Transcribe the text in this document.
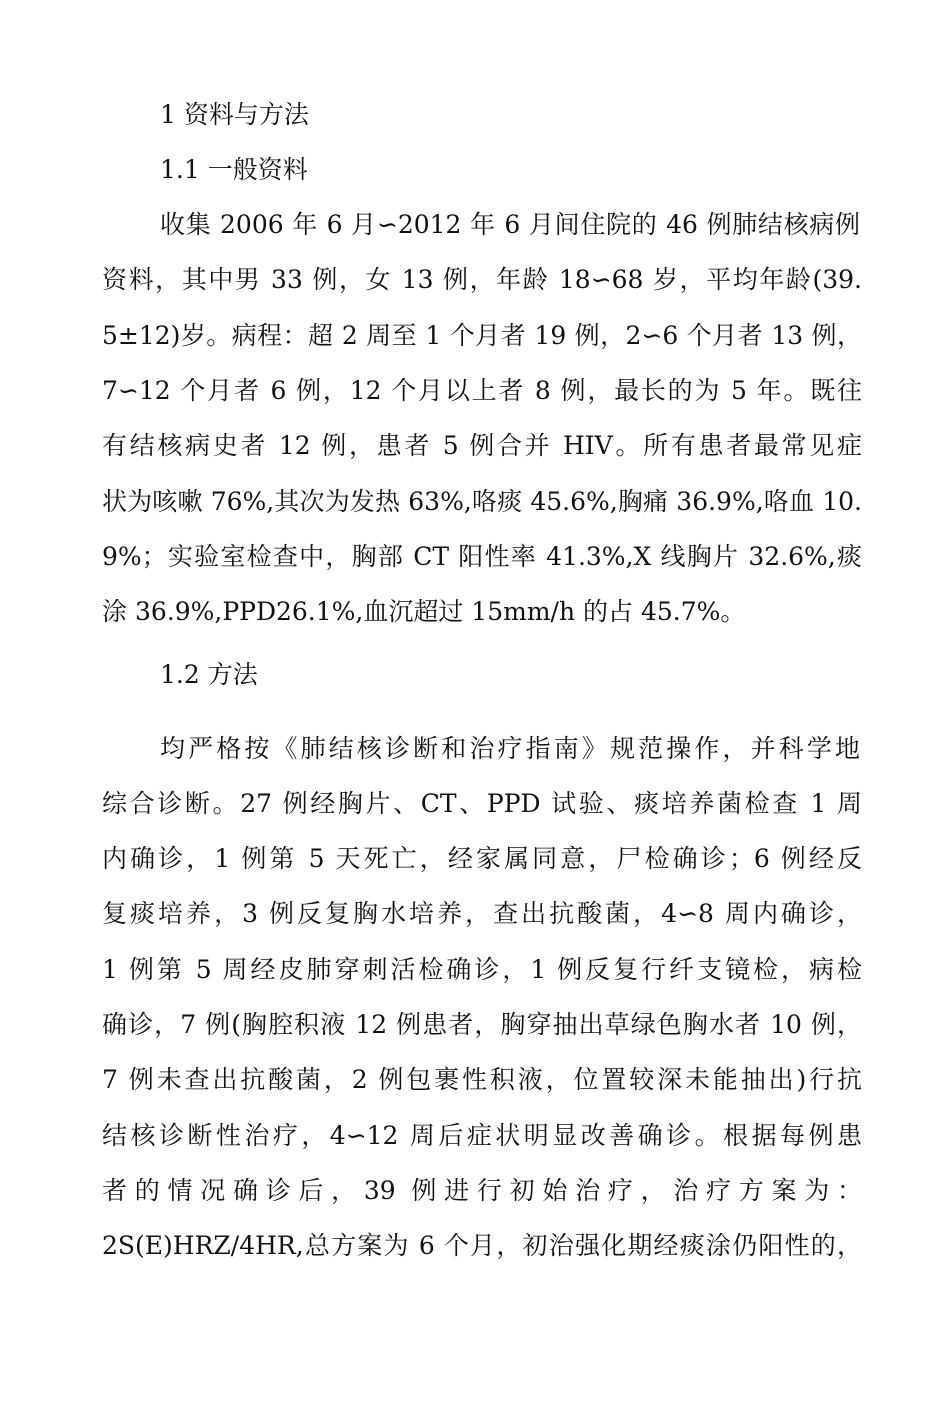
1 资料与方法
1.1 一般资料
收集 2006 年 6 月∽2012 年 6 月间住院的 46 例肺结核病例
资料，其中男 33 例，女 13 例，年龄 18∽68 岁，平均年龄(39.
5±12)岁。病程：超 2 周至 1 个月者 19 例，2∽6 个月者 13 例，
7∽12 个月者 6 例，12 个月以上者 8 例，最长的为 5 年。既往
有结核病史者 12 例，患者 5 例合并 HIV。所有患者最常见症
状为咳嗽 76%,其次为发热 63%,咯痰 45.6%,胸痛 36.9%,咯血 10.
9%；实验室检查中，胸部 CT 阳性率 41.3%,X 线胸片 32.6%,痰
涂 36.9%,PPD26.1%,血沉超过 15mm/h 的占 45.7%。
1.2 方法
均严格按《肺结核诊断和治疗指南》规范操作，并科学地
综合诊断。27 例经胸片、CT、PPD 试验、痰培养菌检查 1 周
内确诊，1 例第 5 天死亡，经家属同意，尸检确诊；6 例经反
复痰培养，3 例反复胸水培养，查出抗酸菌，4∽8 周内确诊，
1 例第 5 周经皮肺穿刺活检确诊，1 例反复行纤支镜检，病检
确诊，7 例(胸腔积液 12 例患者，胸穿抽出草绿色胸水者 10 例，
7 例未查出抗酸菌，2 例包裹性积液，位置较深未能抽出)行抗
结核诊断性治疗，4∽12 周后症状明显改善确诊。根据每例患
者的情况确诊后，39 例进行初始治疗，治疗方案为：
2S(E)HRZ/4HR,总方案为 6 个月，初治强化期经痰涂仍阳性的，
